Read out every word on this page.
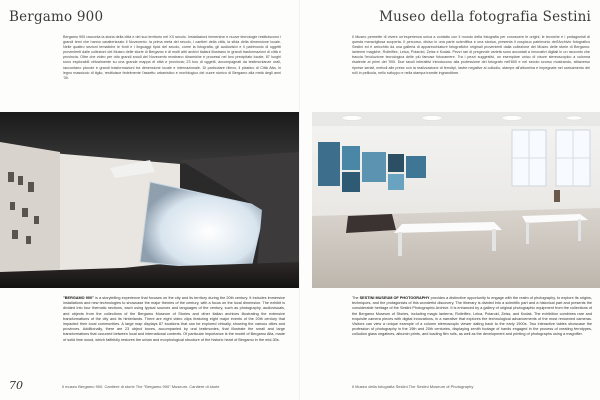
Bergamo 900
Bergamo 900 racconta la storia della città e del suo territorio nel XX secolo. Installazioni immersive e nuove tecnologie restituiscono i grandi temi che hanno caratterizzato il Novecento: la prima metà del secolo, i cantieri della città, la sfida della dimensione locale. Nelle quattro sezioni tematiche le fonti e i linguaggi tipici del secolo, come la fotografia, gli audiovisivi e il patrimonio di oggetti provenienti dalle collezioni del Museo delle storie di Bergamo e di molti altri archivi italiani illustrano le grandi trasformazioni di città e provincia. Oltre che video per otto grandi snodi del Novecento mostrano dinamiche e processi nel loro precipitato locale; 87 luoghi sono esplorabili virtualmente su una grande mappa di città e provincia; 23 box di oggetti, accompagnati da testimonianze orali, raccontano piccole e grandi trasformazioni tra dimensione locale e internazionale. Di particolare rilievo, il plastico di Città Alta, in legno massiccio di tiglio, restituisce fedelmente l'assetto urbanistico e morfologico del cuore storico di Bergamo alla metà degli anni '30.
"BERGAMO 900" is a storytelling experience that focuses on the city and its territory during the 20th century. It includes immersive installations and new technologies to showcase the major themes of the century, with a focus on the local dimension. The exhibit is divided into four thematic sections, each using typical sources and languages of the century, such as photography, audiovisuals, and objects from the collections of the Bergamo Museum of Stories and other Italian archives illustrating the extensive transformations of the city and its hinterlands. There are eight video clips featuring eight major events of the 20th century that impacted their local communities. A large map displays 87 locations that can be explored virtually, showing the various cities and provinces. Additionally, there are 23 object boxes, accompanied by oral testimonies, that illustrate the small and large transformations that occurred between local and international contexts. Of particular importance is the model of Bergamo Alta, made of solid lime wood, which faithfully restores the urban and morphological structure of the historic heart of Bergamo in the mid-30s.
70	Il museo Bergamo 900. Cantiere di storie The "Bergamo 900" Museum. Cantiere di storie
Museo della fotografia Sestini
Il Museo permette di vivere un'esperienza unica a contatto con il mondo della fotografia per conoscere le origini, le tecniche e i protagonisti di questa meravigliosa scoperta. Il percorso, diviso in una parte scientifica e una storica, presenta il cospicuo patrimonio dell'Archivio fotografico Sestini ed è arricchito da una galleria di apparecchiature fotografiche originali provenienti dalla collezione del Museo delle storie di Bergamo: lanterne magiche, Rolleiflex, Leica, Polaroid, Zeiss e Kodak. Pezzi rari di pregevole varietà sono accostati a innovativi digitali in un racconto che traccia l'evoluzione tecnologica delle più famose fotocamere. Tra i pezzi suggestivi, un esemplare unico di visore stereoscopico a colonna risalente ai primi del '900. Due tavoli interattivi introducono alla professione del fotografo nell'800 e nel secolo scorso mostrando, attraverso riprese seriali, metodi alle prese con la realizzazione di ferrotipi, lastre negative al collodio, stampe all'albumina e impegnate nel caricamento dei rulli in pellicola, nello sviluppo e nella stampa tramite ingranditore.
The SESTINI MUSEUM OF PHOTOGRAPHY provides a distinctive opportunity to engage with the realm of photography, to explore its origins, techniques, and the protagonists of this wonderful discovery. The itinerary is divided into a scientific part and a historical part and presents the considerable heritage of the Sestini Photographic Archive. It is enhanced by a gallery of original photographic equipment from the collections of the Bergamo Museum of Stories, including magic lanterns, Rolleiflex, Leica, Polaroid, Zeiss, and Kodak. The exhibition combines rare and exquisite camera pieces with digital innovations, in a narrative that explores the technological advancements of the most renowned cameras. Visitors can view a unique example of a column stereoscopic viewer dating back to the early 1900s. Two interactive tables showcase the profession of photography in the 19th and 20th centuries, displaying zenith footage of hands engaged in the process of creating ferrotypes, collodion glass negatives, albumin prints, and loading film rolls, as well as the development and printing of photographs using a magnifier.
Il Museo della fotografia Sestini The Sestini Museum of Photography
